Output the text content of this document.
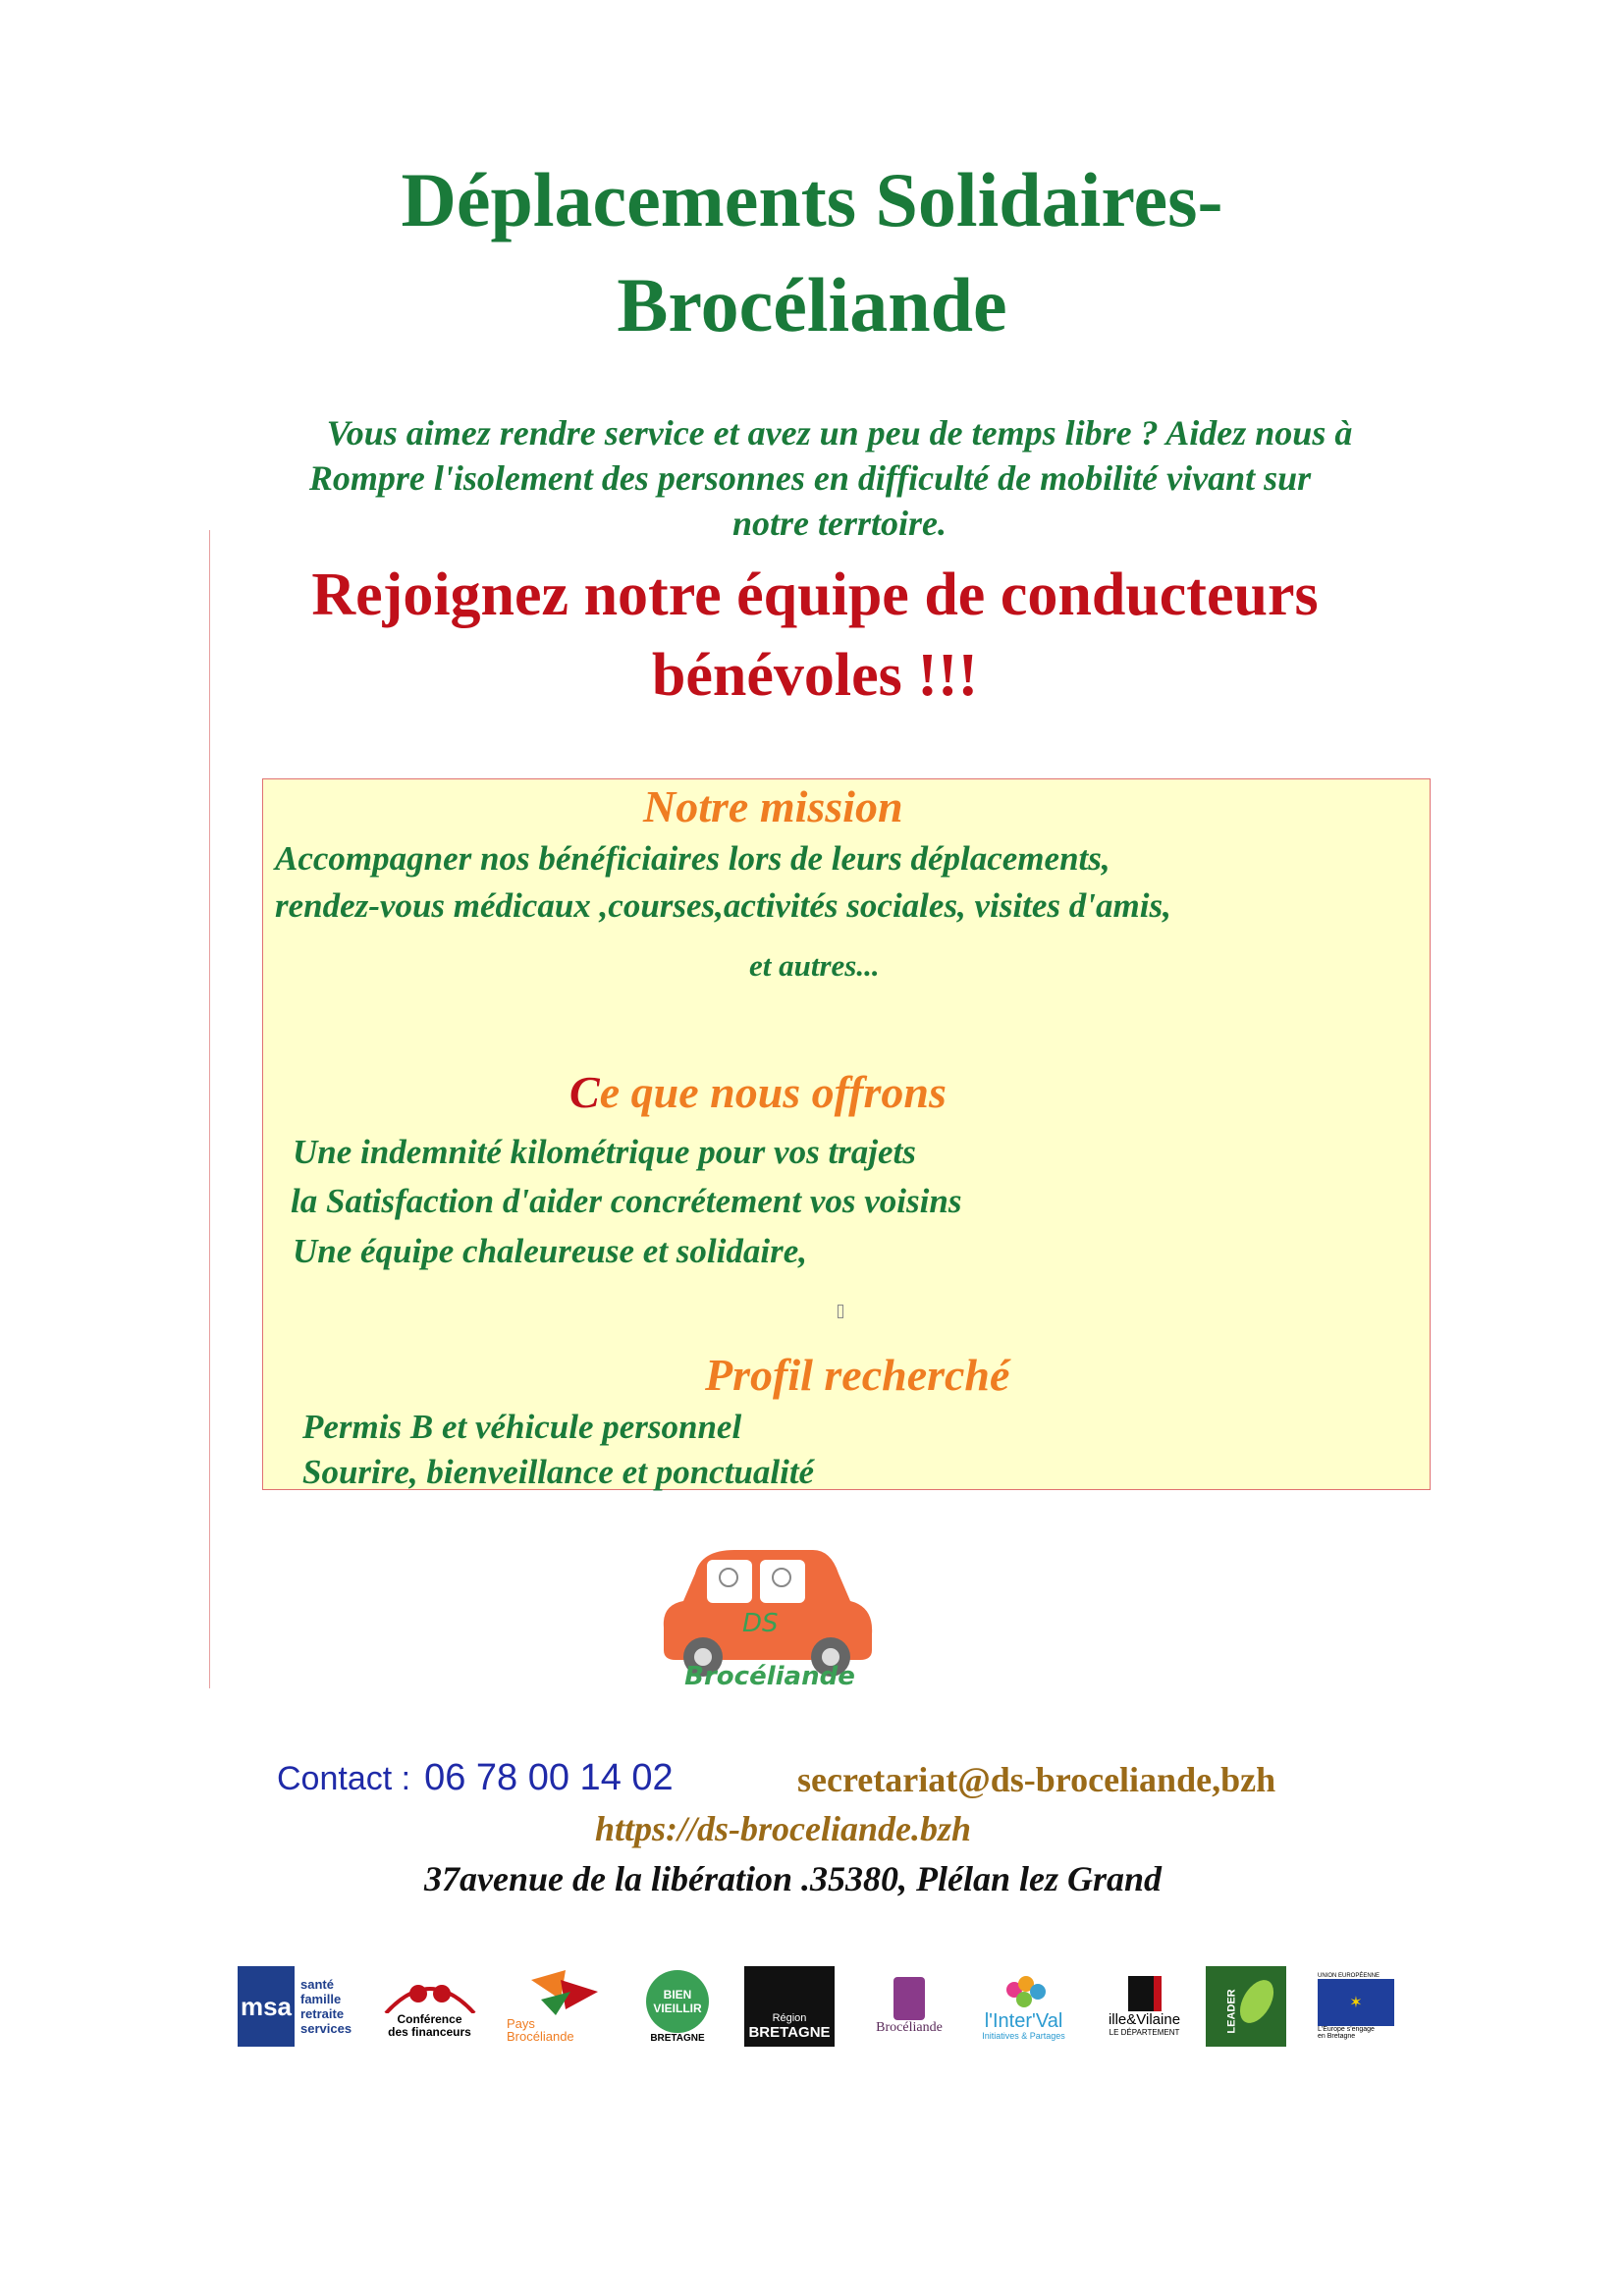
Déplacements Solidaires-
Brocéliande
Vous aimez rendre service et avez un peu de temps libre ? Aidez nous à
Rompre l'isolement des personnes en difficulté de mobilité vivant sur
notre terrtoire.
Rejoignez notre équipe de conducteurs
bénévoles !!!
Notre mission
Accompagner nos bénéficiaires lors de leurs déplacements,
rendez-vous médicaux ,courses,activités sociales, visites d'amis,
et autres...
Ce que nous offrons
Une indemnité kilométrique pour vos trajets
la Satisfaction d'aider concrétement vos voisins
Une équipe chaleureuse et solidaire,
Profil recherché
Permis B et véhicule personnel
Sourire, bienveillance et ponctualité
DS
Brocéliande
Contact : 06 78 00 14 02	secretariat@ds-broceliande,bzh
https://ds-broceliande.bzh
37avenue de la libération .35380, Plélan lez Grand
msa
santé
famille
retraite
services
Conférence
des financeurs
Pays Brocéliande
BIEN
VIEILLIR
BRETAGNE
Région
BRETAGNE	Brocéliande l'Inter'Val
Initiatives & Partages
ille&Vilaine
LE DÉPARTEMENT	LEADER
UNION EUROPÉENNE
✶
L'Europe s'engage
en Bretagne
